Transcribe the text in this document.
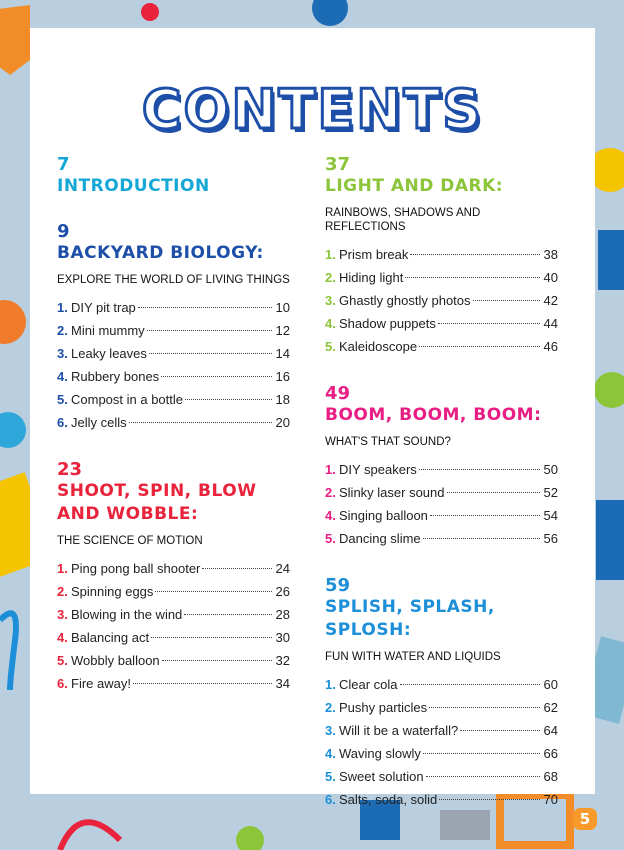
CONTENTS
7
INTRODUCTION
9
BACKYARD BIOLOGY:
EXPLORE THE WORLD OF LIVING THINGS
1. DIY pit trap	10
2. Mini mummy	12
3. Leaky leaves	14
4. Rubbery bones	16
5. Compost in a bottle	18
6. Jelly cells	20
23
SHOOT, SPIN, BLOW
AND WOBBLE:
THE SCIENCE OF MOTION
1. Ping pong ball shooter	24
2. Spinning eggs	26
3. Blowing in the wind	28
4. Balancing act	30
5. Wobbly balloon	32
6. Fire away!	34
37
LIGHT AND DARK:
RAINBOWS, SHADOWS AND REFLECTIONS
1. Prism break	38
2. Hiding light	40
3. Ghastly ghostly photos	42
4. Shadow puppets	44
5. Kaleidoscope	46
49
BOOM, BOOM, BOOM:
WHAT'S THAT SOUND?
1. DIY speakers	50
2. Slinky laser sound	52
4. Singing balloon	54
5. Dancing slime	56
59
SPLISH, SPLASH,
SPLOSH:
FUN WITH WATER AND LIQUIDS
1. Clear cola	60
2. Pushy particles	62
3. Will it be a waterfall?	64
4. Waving slowly	66
5. Sweet solution	68
6. Salts, soda, solid	70
5
